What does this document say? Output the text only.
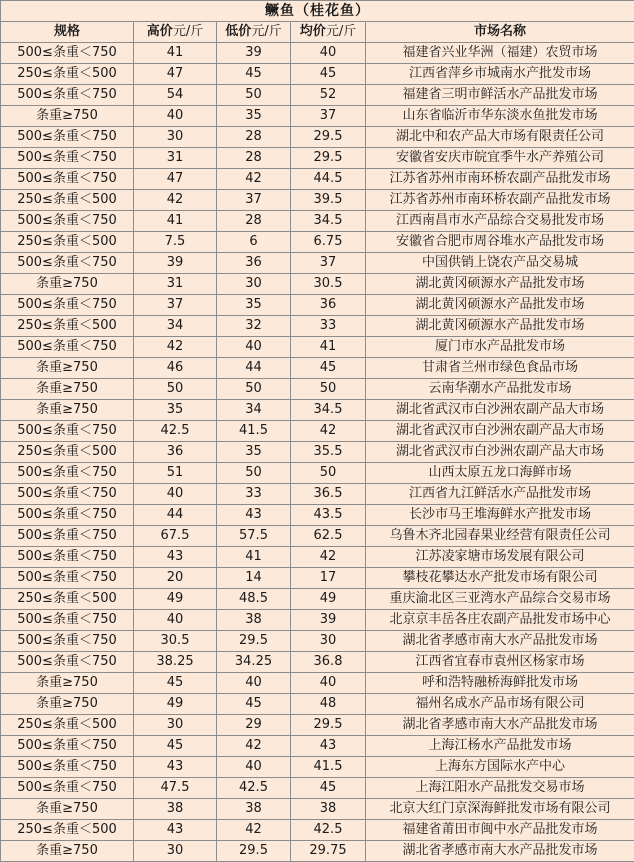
鳜鱼（桂花鱼）				
规格	高价元/斤	低价元/斤	均价元/斤	市场名称
500≤条重＜750	41	39	40	福建省兴业华洲（福建）农贸市场
250≤条重＜500	47	45	45	江西省萍乡市城南水产批发市场
500≤条重＜750	54	50	52	福建省三明市鲜活水产品批发市场
条重≥750	40	35	37	山东省临沂市华东淡水鱼批发市场
500≤条重＜750	30	28	29.5	湖北中和农产品大市场有限责任公司
500≤条重＜750	31	28	29.5	安徽省安庆市皖宜季牛水产养殖公司
500≤条重＜750	47	42	44.5	江苏省苏州市南环桥农副产品批发市场
250≤条重＜500	42	37	39.5	江苏省苏州市南环桥农副产品批发市场
500≤条重＜750	41	28	34.5	江西南昌市水产品综合交易批发市场
250≤条重＜500	7.5	6	6.75	安徽省合肥市周谷堆水产品批发市场
500≤条重＜750	39	36	37	中国供销上饶农产品交易城
条重≥750	31	30	30.5	湖北黄冈硕源水产品批发市场
500≤条重＜750	37	35	36	湖北黄冈硕源水产品批发市场
250≤条重＜500	34	32	33	湖北黄冈硕源水产品批发市场
500≤条重＜750	42	40	41	厦门市水产品批发市场
条重≥750	46	44	45	甘肃省兰州市绿色食品市场
条重≥750	50	50	50	云南华潮水产品批发市场
条重≥750	35	34	34.5	湖北省武汉市白沙洲农副产品大市场
500≤条重＜750	42.5	41.5	42	湖北省武汉市白沙洲农副产品大市场
250≤条重＜500	36	35	35.5	湖北省武汉市白沙洲农副产品大市场
500≤条重＜750	51	50	50	山西太原五龙口海鲜市场
500≤条重＜750	40	33	36.5	江西省九江鲜活水产品批发市场
500≤条重＜750	44	43	43.5	长沙市马王堆海鲜水产批发市场
500≤条重＜750	67.5	57.5	62.5	乌鲁木齐北园春果业经营有限责任公司
500≤条重＜750	43	41	42	江苏凌家塘市场发展有限公司
500≤条重＜750	20	14	17	攀枝花攀达水产批发市场有限公司
250≤条重＜500	49	48.5	49	重庆渝北区三亚湾水产品综合交易市场
500≤条重＜750	40	38	39	北京京丰岳各庄农副产品批发市场中心
500≤条重＜750	30.5	29.5	30	湖北省孝感市南大水产品批发市场
500≤条重＜750	38.25	34.25	36.8	江西省宜春市袁州区杨家市场
条重≥750	45	40	40	呼和浩特融桥海鲜批发市场
条重≥750	49	45	48	福州名成水产品市场有限公司
250≤条重＜500	30	29	29.5	湖北省孝感市南大水产品批发市场
500≤条重＜750	45	42	43	上海江杨水产品批发市场
500≤条重＜750	43	40	41.5	上海东方国际水产中心
500≤条重＜750	47.5	42.5	45	上海江阳水产品批发交易市场
条重≥750	38	38	38	北京大红门京深海鲜批发市场有限公司
250≤条重＜500	43	42	42.5	福建省莆田市闽中水产品批发市场
条重≥750	30	29.5	29.75	湖北省孝感市南大水产品批发市场
